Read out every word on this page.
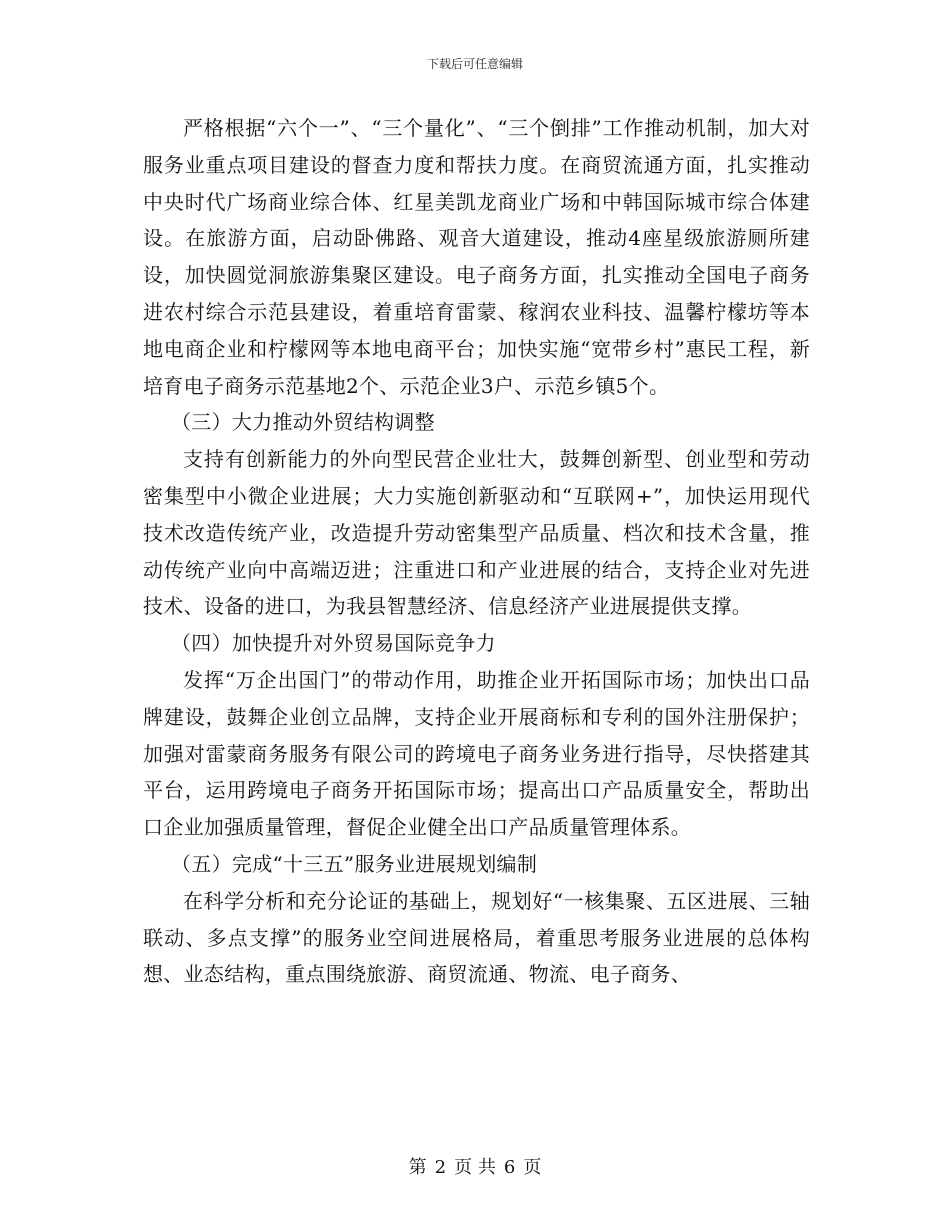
下载后可任意编辑

严格根据“六个一”、“三个量化”、“三个倒排”工作推动机制，加大对服务业重点项目建设的督查力度和帮扶力度。在商贸流通方面，扎实推动中央时代广场商业综合体、红星美凯龙商业广场和中韩国际城市综合体建设。在旅游方面，启动卧佛路、观音大道建设，推动4座星级旅游厕所建设，加快圆觉洞旅游集聚区建设。电子商务方面，扎实推动全国电子商务进农村综合示范县建设，着重培育雷蒙、稼润农业科技、温馨柠檬坊等本地电商企业和柠檬网等本地电商平台；加快实施“宽带乡村”惠民工程，新培育电子商务示范基地2个、示范企业3户、示范乡镇5个。

（三）大力推动外贸结构调整

支持有创新能力的外向型民营企业壮大，鼓舞创新型、创业型和劳动密集型中小微企业进展；大力实施创新驱动和“互联网+”，加快运用现代技术改造传统产业，改造提升劳动密集型产品质量、档次和技术含量，推动传统产业向中高端迈进；注重进口和产业进展的结合，支持企业对先进技术、设备的进口，为我县智慧经济、信息经济产业进展提供支撑。

（四）加快提升对外贸易国际竞争力

发挥“万企出国门”的带动作用，助推企业开拓国际市场；加快出口品牌建设，鼓舞企业创立品牌，支持企业开展商标和专利的国外注册保护；加强对雷蒙商务服务有限公司的跨境电子商务业务进行指导，尽快搭建其平台，运用跨境电子商务开拓国际市场；提高出口产品质量安全，帮助出口企业加强质量管理，督促企业健全出口产品质量管理体系。

（五）完成“十三五”服务业进展规划编制

在科学分析和充分论证的基础上，规划好“一核集聚、五区进展、三轴联动、多点支撑”的服务业空间进展格局，着重思考服务业进展的总体构想、业态结构，重点围绕旅游、商贸流通、物流、电子商务、

第 2 页 共 6 页
